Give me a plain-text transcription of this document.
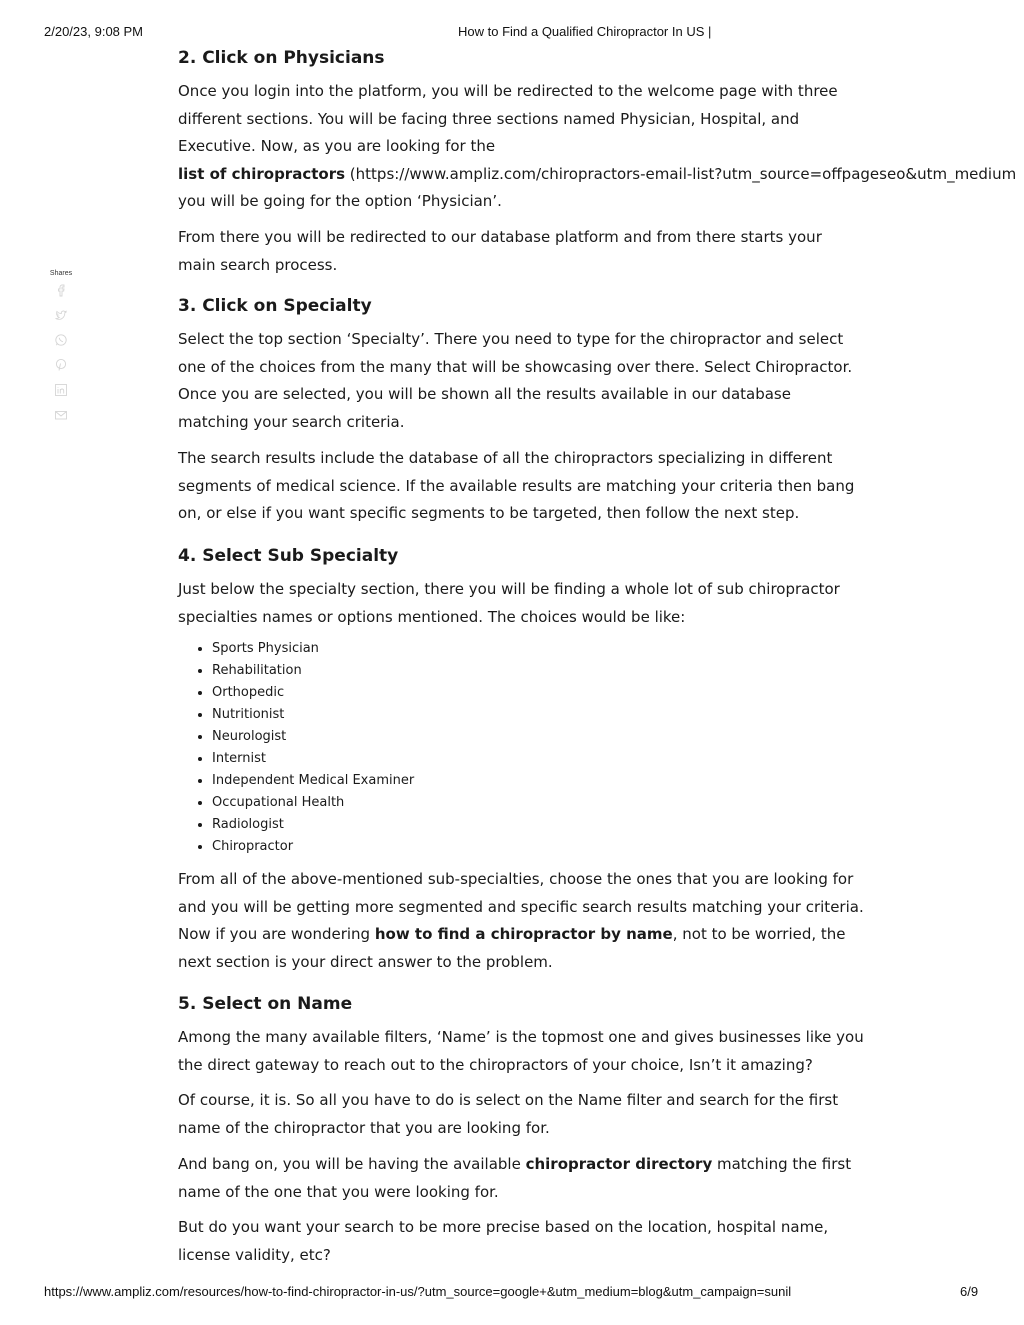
2/20/23, 9:08 PM	How to Find a Qualified Chiropractor In US |
Shares
2. Click on Physicians

Once you login into the platform, you will be redirected to the welcome page with three
different sections. You will be facing three sections named Physician, Hospital, and
Executive. Now, as you are looking for the
list of chiropractors (https://www.ampliz.com/chiropractors-email-list?utm_source=offpageseo&utm_medium
you will be going for the option ‘Physician’.

From there you will be redirected to our database platform and from there starts your main search process.

3. Click on Specialty

Select the top section ‘Specialty’. There you need to type for the chiropractor and select one of the choices from the many that will be showcasing over there. Select Chiropractor. Once you are selected, you will be shown all the results available in our database matching your search criteria.

The search results include the database of all the chiropractors specializing in different segments of medical science. If the available results are matching your criteria then bang on, or else if you want specific segments to be targeted, then follow the next step.

4. Select Sub Specialty

Just below the specialty section, there you will be finding a whole lot of sub chiropractor specialties names or options mentioned. The choices would be like:

• Sports Physician
• Rehabilitation
• Orthopedic
• Nutritionist
• Neurologist
• Internist
• Independent Medical Examiner
• Occupational Health
• Radiologist
• Chiropractor

From all of the above-mentioned sub-specialties, choose the ones that you are looking for and you will be getting more segmented and specific search results matching your criteria. Now if you are wondering how to find a chiropractor by name, not to be worried, the next section is your direct answer to the problem.

5. Select on Name

Among the many available filters, ‘Name’ is the topmost one and gives businesses like you the direct gateway to reach out to the chiropractors of your choice, Isn’t it amazing?

Of course, it is. So all you have to do is select on the Name filter and search for the first name of the chiropractor that you are looking for.

And bang on, you will be having the available chiropractor directory matching the first name of the one that you were looking for.

But do you want your search to be more precise based on the location, hospital name, license validity, etc?

https://www.ampliz.com/resources/how-to-find-chiropractor-in-us/?utm_source=google+&utm_medium=blog&utm_campaign=sunil	6/9
